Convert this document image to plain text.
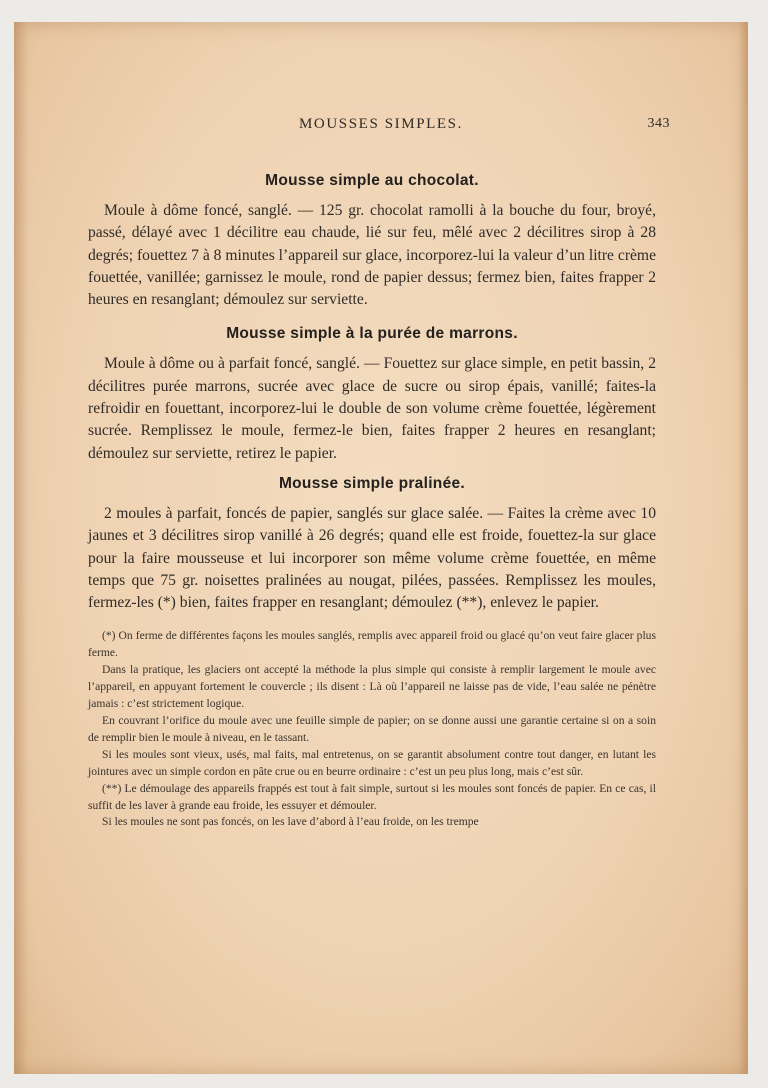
MOUSSES SIMPLES.	343
Mousse simple au chocolat.

Moule à dôme foncé, sanglé. — 125 gr. chocolat ramolli à la bouche du four, broyé, passé, délayé avec 1 décilitre eau chaude, lié sur feu, mêlé avec 2 décilitres sirop à 28 degrés; fouettez 7 à 8 minutes l’appareil sur glace, incorporez-lui la valeur d’un litre crème fouettée, vanillée; garnissez le moule, rond de papier dessus; fermez bien, faites frapper 2 heures en resanglant; démoulez sur serviette.

Mousse simple à la purée de marrons.

Moule à dôme ou à parfait foncé, sanglé. — Fouettez sur glace simple, en petit bassin, 2 décilitres purée marrons, sucrée avec glace de sucre ou sirop épais, vanillé; faites-la refroidir en fouettant, incorporez-lui le double de son volume crème fouettée, légèrement sucrée. Remplissez le moule, fermez-le bien, faites frapper 2 heures en resanglant; démoulez sur serviette, retirez le papier.

Mousse simple pralinée.

2 moules à parfait, foncés de papier, sanglés sur glace salée. — Faites la crème avec 10 jaunes et 3 décilitres sirop vanillé à 26 degrés; quand elle est froide, fouettez-la sur glace pour la faire mousseuse et lui incorporer son même volume crème fouettée, en même temps que 75 gr. noisettes pralinées au nougat, pilées, passées. Remplissez les moules, fermez-les (*) bien, faites frapper en resanglant; démoulez (**), enlevez le papier.

(*) On ferme de différentes façons les moules sanglés, remplis avec appareil froid ou glacé qu’on veut faire glacer plus ferme.

Dans la pratique, les glaciers ont accepté la méthode la plus simple qui consiste à remplir largement le moule avec l’appareil, en appuyant fortement le couvercle ; ils disent : Là où l’appareil ne laisse pas de vide, l’eau salée ne pénètre jamais : c’est strictement logique.

En couvrant l’orifice du moule avec une feuille simple de papier; on se donne aussi une garantie certaine si on a soin de remplir bien le moule à niveau, en le tassant.

Si les moules sont vieux, usés, mal faits, mal entretenus, on se garantit absolument contre tout danger, en lutant les jointures avec un simple cordon en pâte crue ou en beurre ordinaire : c’est un peu plus long, mais c’est sûr.

(**) Le démoulage des appareils frappés est tout à fait simple, surtout si les moules sont foncés de papier. En ce cas, il suffit de les laver à grande eau froide, les essuyer et démouler.

Si les moules ne sont pas foncés, on les lave d’abord à l’eau froide, on les trempe
